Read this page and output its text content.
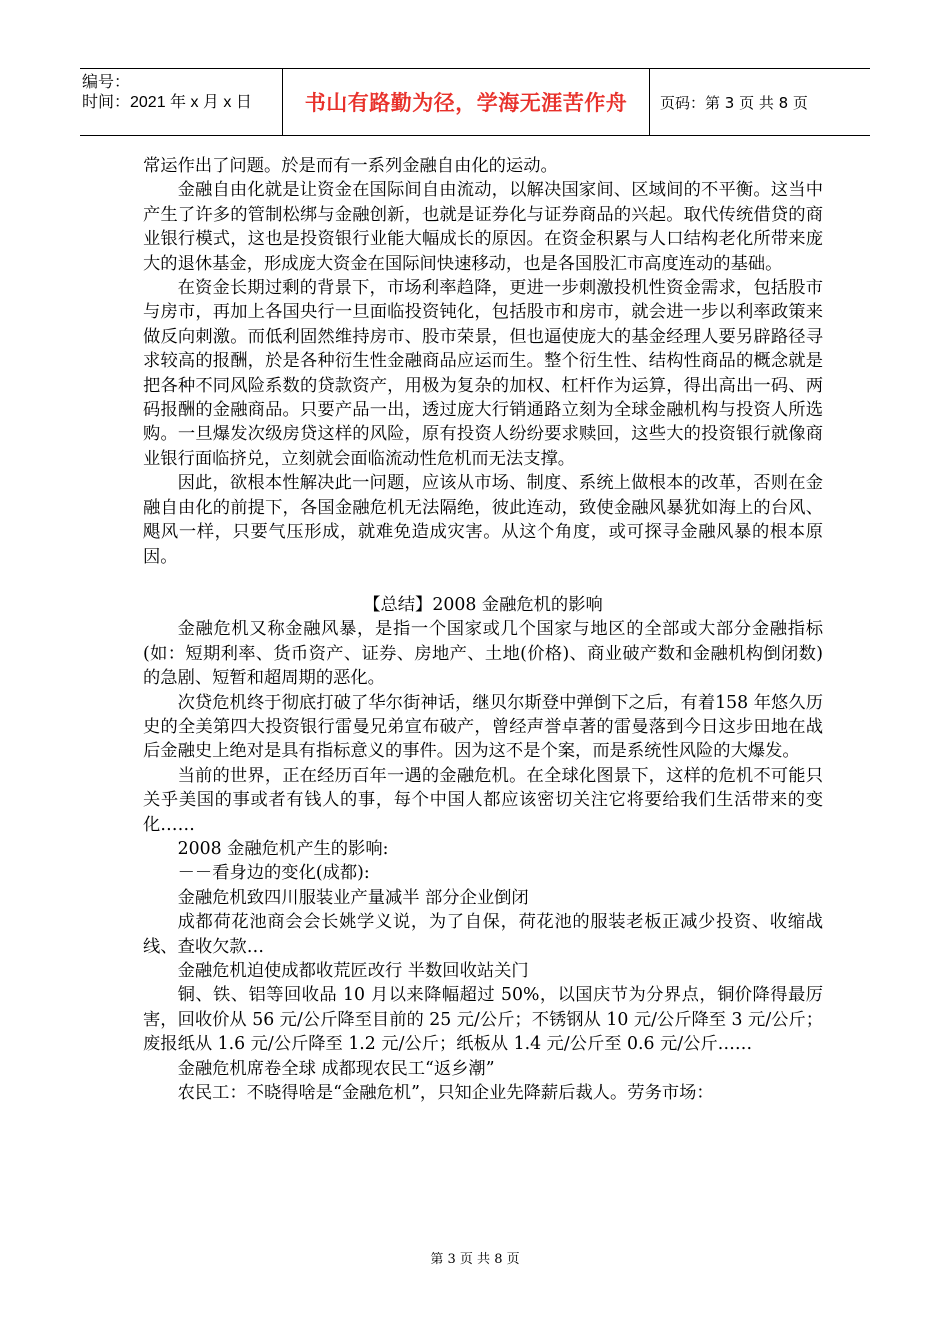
编号：
时间：2021 年 x 月 x 日	书山有路勤为径，学海无涯苦作舟	页码：第 3 页 共 8 页

常运作出了问题。於是而有一系列金融自由化的运动。

金融自由化就是让资金在国际间自由流动，以解决国家间、区域间的不平衡。这当中产生了许多的管制松绑与金融创新，也就是证券化与证券商品的兴起。取代传统借贷的商业银行模式，这也是投资银行业能大幅成长的原因。在资金积累与人口结构老化所带来庞大的退休基金，形成庞大资金在国际间快速移动，也是各国股汇市高度连动的基础。

在资金长期过剩的背景下，市场利率趋降，更进一步刺激投机性资金需求，包括股市与房市，再加上各国央行一旦面临投资钝化，包括股市和房市，就会进一步以利率政策来做反向刺激。而低利固然维持房市、股市荣景，但也逼使庞大的基金经理人要另辟路径寻求较高的报酬，於是各种衍生性金融商品应运而生。整个衍生性、结构性商品的概念就是把各种不同风险系数的贷款资产，用极为复杂的加权、杠杆作为运算，得出高出一码、两码报酬的金融商品。只要产品一出，透过庞大行销通路立刻为全球金融机构与投资人所选购。一旦爆发次级房贷这样的风险，原有投资人纷纷要求赎回，这些大的投资银行就像商业银行面临挤兑，立刻就会面临流动性危机而无法支撑。

因此，欲根本性解决此一问题，应该从市场、制度、系统上做根本的改革，否则在金融自由化的前提下，各国金融危机无法隔绝，彼此连动，致使金融风暴犹如海上的台风、飓风一样，只要气压形成，就难免造成灾害。从这个角度，或可探寻金融风暴的根本原因。

【总结】2008 金融危机的影响

金融危机又称金融风暴，是指一个国家或几个国家与地区的全部或大部分金融指标(如：短期利率、货币资产、证券、房地产、土地(价格)、商业破产数和金融机构倒闭数)的急剧、短暂和超周期的恶化。

次贷危机终于彻底打破了华尔街神话，继贝尔斯登中弹倒下之后，有着158 年悠久历史的全美第四大投资银行雷曼兄弟宣布破产，曾经声誉卓著的雷曼落到今日这步田地在战后金融史上绝对是具有指标意义的事件。因为这不是个案，而是系统性风险的大爆发。

当前的世界，正在经历百年一遇的金融危机。在全球化图景下，这样的危机不可能只关乎美国的事或者有钱人的事，每个中国人都应该密切关注它将要给我们生活带来的变化……

2008 金融危机产生的影响:

－－看身边的变化(成都):

金融危机致四川服装业产量减半 部分企业倒闭

成都荷花池商会会长姚学义说，为了自保，荷花池的服装老板正减少投资、收缩战线、查收欠款…

金融危机迫使成都收荒匠改行 半数回收站关门

铜、铁、铝等回收品 10 月以来降幅超过 50%，以国庆节为分界点，铜价降得最厉害，回收价从 56 元/公斤降至目前的 25 元/公斤；不锈钢从 10 元/公斤降至 3 元/公斤；废报纸从 1.6 元/公斤降至 1.2 元/公斤；纸板从 1.4 元/公斤至 0.6 元/公斤……

金融危机席卷全球 成都现农民工“返乡潮”

农民工：不晓得啥是“金融危机”，只知企业先降薪后裁人。劳务市场：

第 3 页 共 8 页
